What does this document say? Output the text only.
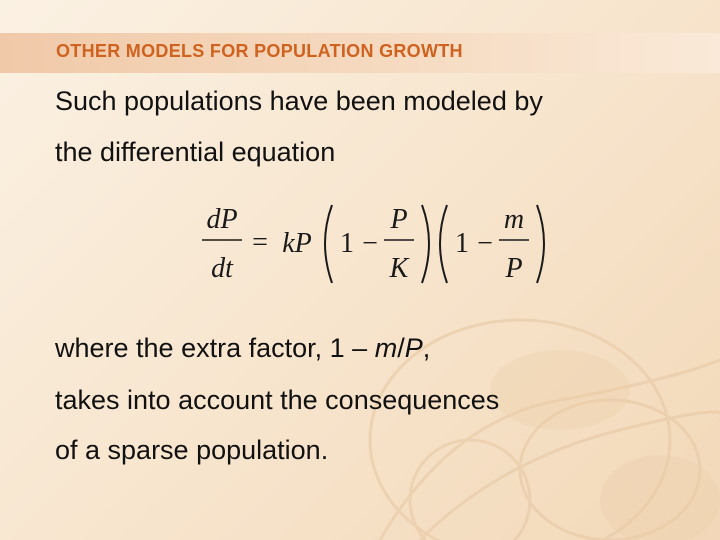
OTHER MODELS FOR POPULATION GROWTH

Such populations have been modeled by

the differential equation

dP
dt
= kP 1 −
P
K
1 −
m
P

where the extra factor, 1 – m/P,

takes into account the consequences

of a sparse population.
